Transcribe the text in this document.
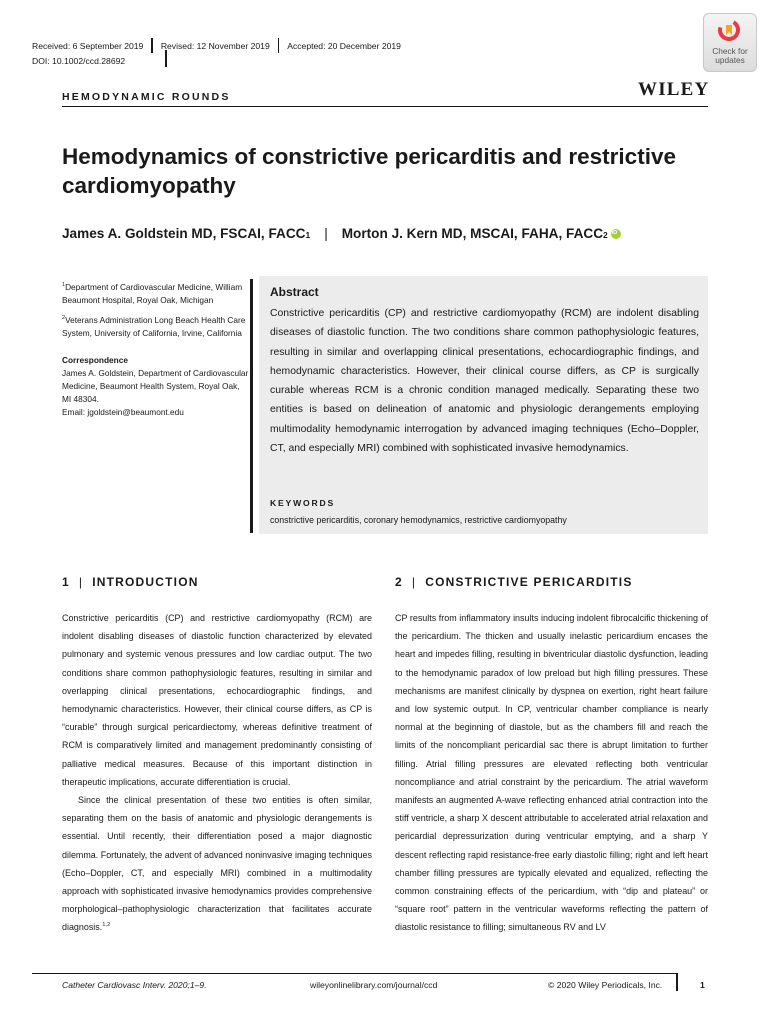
Received: 6 September 2019 Revised: 12 November 2019 Accepted: 20 December 2019
DOI: 10.1002/ccd.28692
Check for
updates
HEMODYNAMIC ROUNDS	WILEY
Hemodynamics of constrictive pericarditis and restrictive cardiomyopathy
James A. Goldstein MD, FSCAI, FACC 1 | Morton J. Kern MD, MSCAI, FAHA, FACC 2
iD

$^1$Department of Cardiovascular Medicine, William Beaumont Hospital, Royal Oak, Michigan

$^2$Veterans Administration Long Beach Health Care System, University of California, Irvine, California

Correspondence

James A. Goldstein, Department of Cardiovascular Medicine, Beaumont Health System, Royal Oak, MI 48304.

Email: jgoldstein@beaumont.edu

Abstract
Constrictive pericarditis (CP) and restrictive cardiomyopathy (RCM) are indolent disabling diseases of diastolic function. The two conditions share common pathophysiologic features, resulting in similar and overlapping clinical presentations, echocardiographic findings, and hemodynamic characteristics. However, their clinical course differs, as CP is surgically curable whereas RCM is a chronic condition managed medically. Separating these two entities is based on delineation of anatomic and physiologic derangements employing multimodality hemodynamic interrogation by advanced imaging techniques (Echo–Doppler, CT, and especially MRI) combined with sophisticated invasive hemodynamics.
KEYWORDS
constrictive pericarditis, coronary hemodynamics, restrictive cardiomyopathy
1 | INTRODUCTION

Constrictive pericarditis (CP) and restrictive cardiomyopathy (RCM) are indolent disabling diseases of diastolic function characterized by elevated pulmonary and systemic venous pressures and low cardiac output. The two conditions share common pathophysiologic features, resulting in similar and overlapping clinical presentations, echocardiographic findings, and hemodynamic characteristics. However, their clinical course differs, as CP is “curable” through surgical pericardiectomy, whereas definitive treatment of RCM is comparatively limited and management predominantly consisting of palliative medical measures. Because of this important distinction in therapeutic implications, accurate differentiation is crucial.

Since the clinical presentation of these two entities is often similar, separating them on the basis of anatomic and physiologic derangements is essential. Until recently, their differentiation posed a major diagnostic dilemma. Fortunately, the advent of advanced noninvasive imaging techniques (Echo–Doppler, CT, and especially MRI) combined in a multimodality approach with sophisticated invasive hemodynamics provides comprehensive morphological–pathophysiologic characterization that facilitates accurate diagnosis.$^{1,2}$

2 | CONSTRICTIVE PERICARDITIS

CP results from inflammatory insults inducing indolent fibrocalcific thickening of the pericardium. The thicken and usually inelastic pericardium encases the heart and impedes filling, resulting in biventricular diastolic dysfunction, leading to the hemodynamic paradox of low preload but high filling pressures. These mechanisms are manifest clinically by dyspnea on exertion, right heart failure and low systemic output. In CP, ventricular chamber compliance is nearly normal at the beginning of diastole, but as the chambers fill and reach the limits of the noncompliant pericardial sac there is abrupt limitation to further filling. Atrial filling pressures are elevated reflecting both ventricular noncompliance and atrial constraint by the pericardium. The atrial waveform manifests an augmented A-wave reflecting enhanced atrial contraction into the stiff ventricle, a sharp X descent attributable to accelerated atrial relaxation and pericardial depressurization during ventricular emptying, and a sharp Y descent reflecting rapid resistance-free early diastolic filling; right and left heart chamber filling pressures are typically elevated and equalized, reflecting the common constraining effects of the pericardium, with “dip and plateau” or “square root” pattern in the ventricular waveforms reflecting the pattern of diastolic resistance to filling; simultaneous RV and LV

Catheter Cardiovasc Interv. 2020;1–9.	wileyonlinelibrary.com/journal/ccd	© 2020 Wiley Periodicals, Inc.	1
